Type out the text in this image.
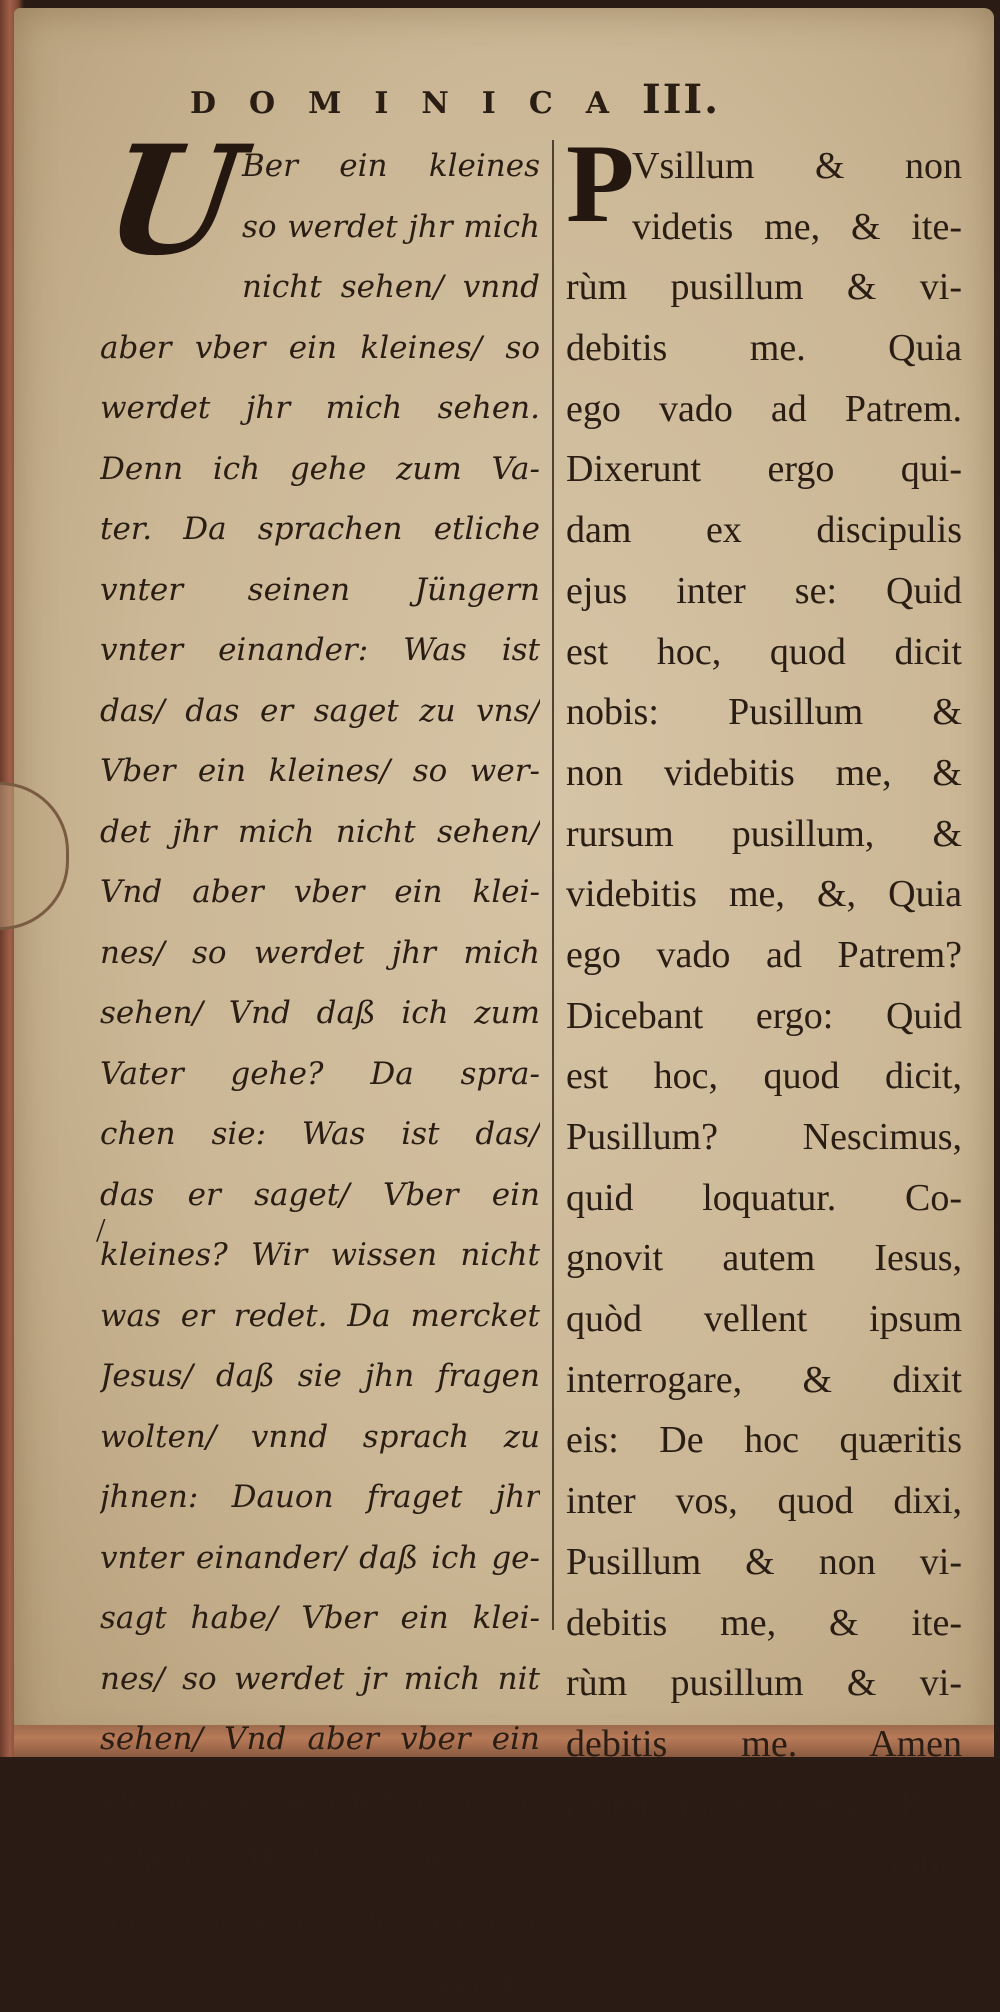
DOMINICAIII.
U	P
Ber ein kleines
so werdet jhr mich
nicht sehen/ vnnd
aber vber ein kleines/ so
werdet jhr mich sehen.
Denn ich gehe zum Va-
ter. Da sprachen etliche
vnter seinen Jüngern
vnter einander: Was ist
das/ das er saget zu vns/
Vber ein kleines/ so wer-
det jhr mich nicht sehen/
Vnd aber vber ein klei-
nes/ so werdet jhr mich
sehen/ Vnd daß ich zum
Vater gehe? Da spra-
chen sie: Was ist das/
das er saget/ Vber ein
kleines? Wir wissen nicht
was er redet. Da mercket
Jesus/ daß sie jhn fragen
wolten/ vnnd sprach zu
jhnen: Dauon fraget jhr
vnter einander/ daß ich ge-
sagt habe/ Vber ein klei-
nes/ so werdet jr mich nit
sehen/ Vnd aber vber ein
kleines/ so werdet jhr mich
sehen. Warlich/ warlich
ich sage euch/ Jhr werdet
weinen
Vsillum & non
videtis me, & ite-
rùm pusillum & vi-
debitis me. Quia
ego vado ad Patrem.
Dixerunt ergo qui-
dam ex discipulis
ejus inter se: Quid
est hoc, quod dicit
nobis: Pusillum &
non videbitis me, &
rursum pusillum, &
videbitis me, &, Quia
ego vado ad Patrem?
Dicebant ergo: Quid
est hoc, quod dicit,
Pusillum? Nescimus,
quid loquatur. Co-
gnovit autem Iesus,
quòd vellent ipsum
interrogare, & dixit
eis: De hoc quæritis
inter vos, quod dixi,
Pusillum & non vi-
debitis me, & ite-
rùm pusillum & vi-
debitis me. Amen
amen dico vobis, Plo-
rabi-
/
